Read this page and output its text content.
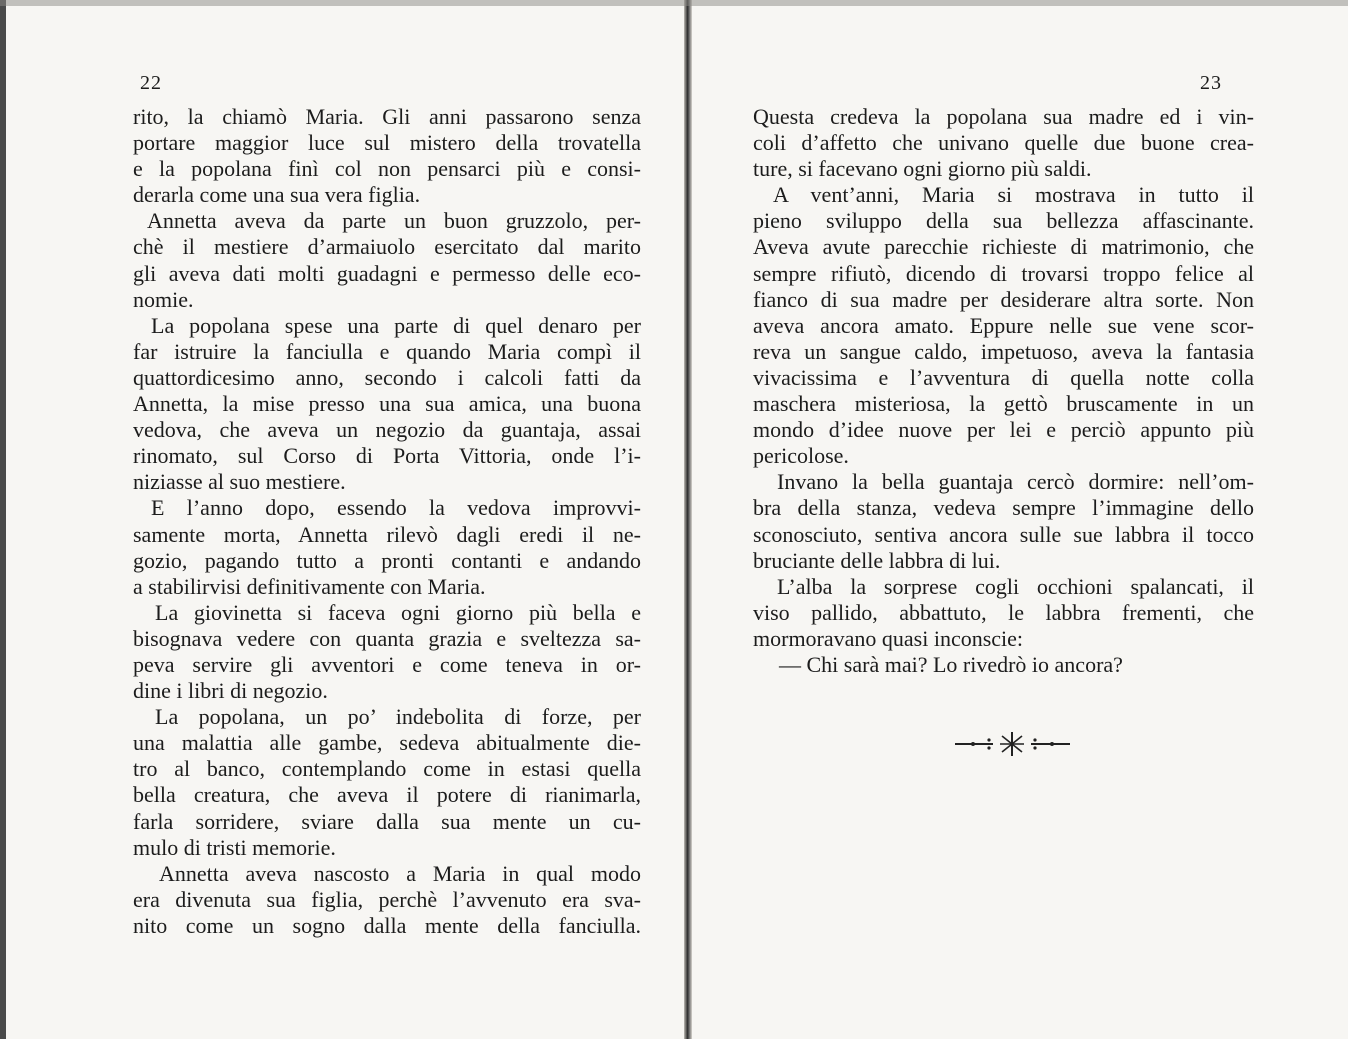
22	23
rito, la chiamò Maria. Gli anni passarono senza
portare maggior luce sul mistero della trovatella
e la popolana finì col non pensarci più e consi-
derarla come una sua vera figlia.
Annetta aveva da parte un buon gruzzolo, per-
chè il mestiere d’armaiuolo esercitato dal marito
gli aveva dati molti guadagni e permesso delle eco-
nomie.
La popolana spese una parte di quel denaro per
far istruire la fanciulla e quando Maria compì il
quattordicesimo anno, secondo i calcoli fatti da
Annetta, la mise presso una sua amica, una buona
vedova, che aveva un negozio da guantaja, assai
rinomato, sul Corso di Porta Vittoria, onde l’i-
niziasse al suo mestiere.
E l’anno dopo, essendo la vedova improvvi-
samente morta, Annetta rilevò dagli eredi il ne-
gozio, pagando tutto a pronti contanti e andando
a stabilirvisi definitivamente con Maria.
La giovinetta si faceva ogni giorno più bella e
bisognava vedere con quanta grazia e sveltezza sa-
peva servire gli avventori e come teneva in or-
dine i libri di negozio.
La popolana, un po’ indebolita di forze, per
una malattia alle gambe, sedeva abitualmente die-
tro al banco, contemplando come in estasi quella
bella creatura, che aveva il potere di rianimarla,
farla sorridere, sviare dalla sua mente un cu-
mulo di tristi memorie.
Annetta aveva nascosto a Maria in qual modo
era divenuta sua figlia, perchè l’avvenuto era sva-
nito come un sogno dalla mente della fanciulla.
Questa credeva la popolana sua madre ed i vin-
coli d’affetto che univano quelle due buone crea-
ture, si facevano ogni giorno più saldi.
A vent’anni, Maria si mostrava in tutto il
pieno sviluppo della sua bellezza affascinante.
Aveva avute parecchie richieste di matrimonio, che
sempre rifiutò, dicendo di trovarsi troppo felice al
fianco di sua madre per desiderare altra sorte. Non
aveva ancora amato. Eppure nelle sue vene scor-
reva un sangue caldo, impetuoso, aveva la fantasia
vivacissima e l’avventura di quella notte colla
maschera misteriosa, la gettò bruscamente in un
mondo d’idee nuove per lei e perciò appunto più
pericolose.
Invano la bella guantaja cercò dormire: nell’om-
bra della stanza, vedeva sempre l’immagine dello
sconosciuto, sentiva ancora sulle sue labbra il tocco
bruciante delle labbra di lui.
L’alba la sorprese cogli occhioni spalancati, il
viso pallido, abbattuto, le labbra frementi, che
mormoravano quasi inconscie:
— Chi sarà mai? Lo rivedrò io ancora?
